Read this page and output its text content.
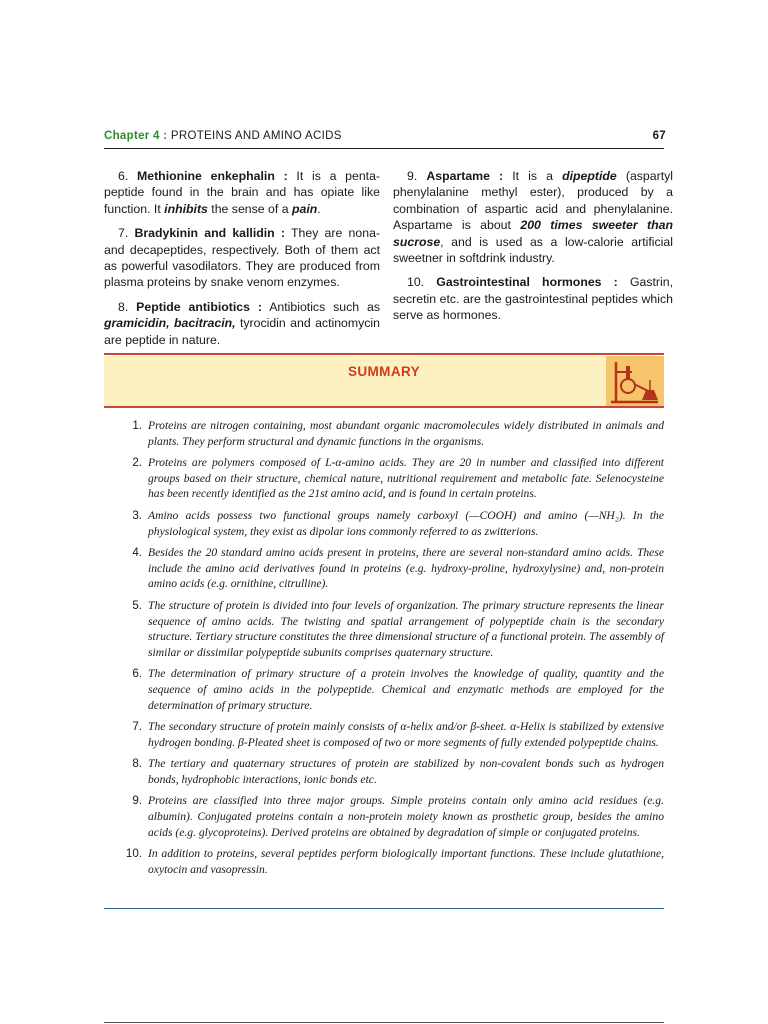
Chapter 4 : PROTEINS AND AMINO ACIDS	67

6. Methionine enkephalin : It is a penta-peptide found in the brain and has opiate like function. It inhibits the sense of a pain.

7. Bradykinin and kallidin : They are nona-and decapeptides, respectively. Both of them act as powerful vasodilators. They are produced from plasma proteins by snake venom enzymes.

8. Peptide antibiotics : Antibiotics such as gramicidin, bacitracin, tyrocidin and actinomycin are peptide in nature.

9. Aspartame : It is a dipeptide (aspartyl phenylalanine methyl ester), produced by a combination of aspartic acid and phenylalanine. Aspartame is about 200 times sweeter than sucrose, and is used as a low-calorie artificial sweetner in softdrink industry.

10. Gastrointestinal hormones : Gastrin, secretin etc. are the gastrointestinal peptides which serve as hormones.

SUMMARY
1. Proteins are nitrogen containing, most abundant organic macromolecules widely distributed in animals and plants. They perform structural and dynamic functions in the organisms.
2. Proteins are polymers composed of L-α-amino acids. They are 20 in number and classified into different groups based on their structure, chemical nature, nutritional requirement and metabolic fate. Selenocysteine has been recently identified as the 21st amino acid, and is found in certain proteins.
3. Amino acids possess two functional groups namely carboxyl (—COOH) and amino (—NH₂). In the physiological system, they exist as dipolar ions commonly referred to as zwitterions.
4. Besides the 20 standard amino acids present in proteins, there are several non-standard amino acids. These include the amino acid derivatives found in proteins (e.g. hydroxy-proline, hydroxylysine) and, non-protein amino acids (e.g. ornithine, citrulline).
5. The structure of protein is divided into four levels of organization. The primary structure represents the linear sequence of amino acids. The twisting and spatial arrangement of polypeptide chain is the secondary structure. Tertiary structure constitutes the three dimensional structure of a functional protein. The assembly of similar or dissimilar polypeptide subunits comprises quaternary structure.
6. The determination of primary structure of a protein involves the knowledge of quality, quantity and the sequence of amino acids in the polypeptide. Chemical and enzymatic methods are employed for the determination of primary structure.
7. The secondary structure of protein mainly consists of α-helix and/or β-sheet. α-Helix is stabilized by extensive hydrogen bonding. β-Pleated sheet is composed of two or more segments of fully extended polypeptide chains.
8. The tertiary and quaternary structures of protein are stabilized by non-covalent bonds such as hydrogen bonds, hydrophobic interactions, ionic bonds etc.
9. Proteins are classified into three major groups. Simple proteins contain only amino acid residues (e.g. albumin). Conjugated proteins contain a non-protein moiety known as prosthetic group, besides the amino acids (e.g. glycoproteins). Derived proteins are obtained by degradation of simple or conjugated proteins.
10. In addition to proteins, several peptides perform biologically important functions. These include glutathione, oxytocin and vasopressin.
